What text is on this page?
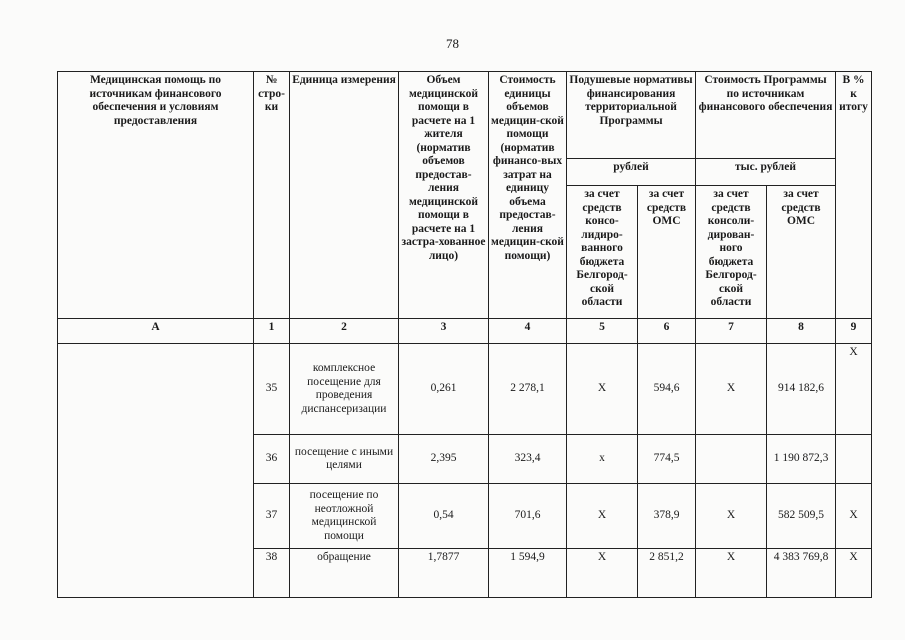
78
Медицинская помощь по источникам финансового обеспечения и условиям предоставления	№ стро-ки	Единица измерения	Объем медицинской помощи в расчете на 1 жителя (норматив объемов предостав-ления медицинской помощи в расчете на 1 застра-хованное лицо)	Стоимость единицы объемов медицин-ской помощи (норматив финансо-вых затрат на единицу объема предостав-ления медицин-ской помощи)	Подушевые нормативы финансирования территориальной Программы		Стоимость Программы по источникам финансового обеспечения		В % к итогу
					рублей		тыс. рублей		
					за счет средств консо-лидиро-ванного бюджета Белгород-ской области	за счет средств ОМС	за счет средств консоли-дирован-ного бюджета Белгород-ской области	за счет средств ОМС	
А	1	2	3	4	5	6	7	8	9
	35	комплексное посещение для проведения диспансеризации	0,261	2 278,1	Х	594,6	Х	914 182,6	Х
	36	посещение с иными целями	2,395	323,4	х	774,5		1 190 872,3	
	37	посещение по неотложной медицинской помощи	0,54	701,6	Х	378,9	Х	582 509,5	Х
	38	обращение	1,7877	1 594,9	Х	2 851,2	Х	4 383 769,8	Х
